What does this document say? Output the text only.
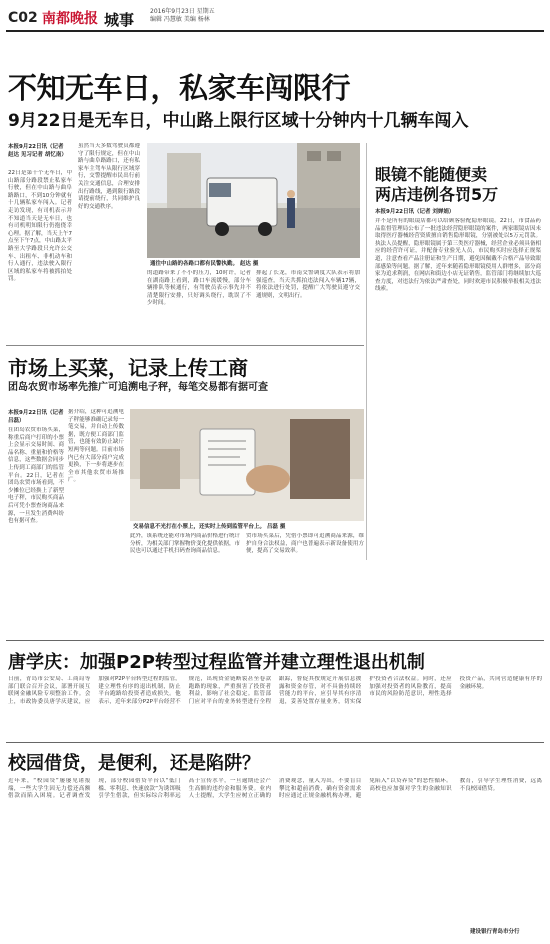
C02 南都晚报 城事	2016年9月23日 星期五
编辑 冯慧敏 美编 杨林
不知无车日，私家车闯限行
9月22日是无车日，中山路上限行区域十分钟内十几辆车闯入
本报9月22日讯（记者 赵达 见习记者 胡忆南）
22日是第十个无车日，中山路部分路段禁止私家车行驶，但在中山路与曲阜路路口，不到10分钟就有十几辆私家车闯入。记者走访发现，有司机表示并不知道当天是无车日，也有司机明知限行仍抱侥幸心理。据了解，当天上午7点至下午7点，中山路太平路至大学路段只允许公交车、出租车、非机动车和行人通行，违法驶入限行区域的私家车将被抓拍处罚。
虽然当天多数驾驶员都遵守了限行规定，但在中山路与曲阜路路口，还有私家车主驾车从限行区域穿行，交警提醒市民出行前关注交通信息，合理安排出行路线，遇到限行路段请提前绕行，共同维护良好的交通秩序。
通往中山路的各路口都有民警执勤。 赵达 摄
的道路带来了不小的压力，10时许，记者在湖南路上看到，路口车流缓慢，部分车辆排队等候通行，有驾驶员表示事先并不清楚限行安排，只好调头绕行，耽误了不少时间。
排起了长龙，市南交警调度大队表示将加强巡查，当天共抓拍违法闯入车辆17辆，将依法进行处罚，提醒广大驾驶员遵守交通规则，文明出行。
眼镜不能随便卖
两店违例各罚5万
本报9月22日讯（记者 刘婵娟）
并不是所有的眼镜店都可以给顾客验配隐形眼镜。22日，市食品药品监督管理局公布了一批违法经营隐形眼镜的案件，两家眼镜店因未取得医疗器械经营资质擅自销售隐形眼镜，分别被处以5万元罚款。执法人员提醒，隐形眼镜属于第三类医疗器械，经营企业必须具备相应的经营许可证，并配备专业验光人员，市民购买时应选择正规渠道，注意查看产品注册证和生产日期，避免因佩戴不合格产品导致眼部感染等问题。据了解，近年来随着隐形眼镜使用人群增多，部分商家为追求利润，在网店和街边小店无证销售，监管部门将继续加大巡查力度，对违法行为依法严肃查处，同时欢迎市民积极举报相关违法线索。
市场上买菜，记录上传工商
团岛农贸市场率先推广可追溯电子秤，每笔交易都有据可查
本报9月22日讯（记者 吕磊）
在团岛农贸市场买菜，称重后商户打印的小票上会显示交易时间、商品名称、重量和价格等信息，这些数据会同步上传到工商部门的监管平台。22日，记者在团岛农贸市场看到，不少摊位已经换上了新型电子秤，市民购买商品后可凭小票查询商品来源，一旦发生消费纠纷也有据可查。
据介绍，这种可追溯电子秤能够准确记录每一笔交易，并自动上传数据，既方便工商部门监管，也能有效防止缺斤短两等问题。目前市场内已有大部分商户完成更换，下一步将逐步在全市其他农贸市场推广。
交易信息不光打在小票上，还实时上传到监管平台上。 吕磊 摄
此外，该系统还能对市场内商品价格进行统计分析，为相关部门掌握物价变化提供依据，市民也可以通过手机扫码查询商品信息。
贸市场买菜后，凭借小票即可追溯商品来源，维护自身合法权益，商户也普遍表示新设备使用方便，提高了交易效率。
唐学庆：加强P2P转型过程监管并建立理性退出机制
日前，青岛市公安局、工商局等部门联合召开会议，部署开展互联网金融风险专项整治工作。会上，市政协委员唐学庆建议，应加强对P2P平台转型过程的监管，建立理性有序的退出机制，防止平台跑路给投资者造成损失。他表示，近年来部分P2P平台经营不规范，出现资金链断裂甚至卷款跑路的现象，严重损害了投资者利益，影响了社会稳定。监管部门应对平台的业务转型进行全程跟踪，督促其按规定开展信息披露和资金存管，对不具备持续经营能力的平台，应引导其有序清退，妥善处置存量业务，切实保护投资者合法权益。同时，还应加强对投资者的风险教育，提高市民的风险防范意识，理性选择投资产品，共同营造健康有序的金融环境。
校园借贷，是便利，还是陷阱？
近年来，“校园贷”屡屡见诸报端，一些大学生因无力偿还高额借款而陷入困境。记者调查发现，部分校园借贷平台以“低门槛、零利息、快速放款”为诱饵吸引学生借款，但实际综合利率远高于宣传水平，一旦逾期还会产生高额的违约金和服务费。业内人士提醒，大学生应树立正确的消费观念，量入为出，不要盲目攀比和超前消费，确有资金需求时应通过正规金融机构办理，避免陷入“以贷养贷”的恶性循环。高校也应加强对学生的金融知识教育，引导学生理性消费，远离不良校园借贷。
建设银行青岛市分行
